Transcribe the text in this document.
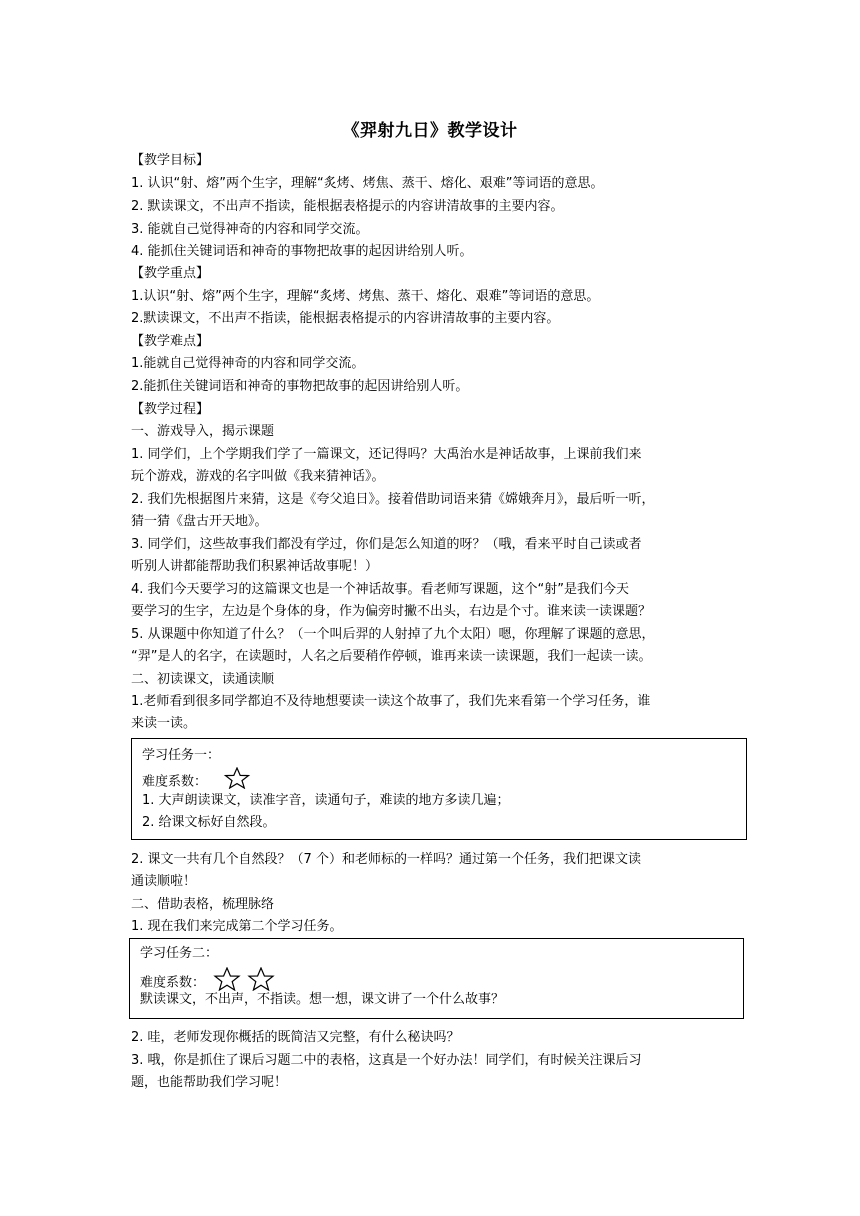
《羿射九日》教学设计
【教学目标】
1. 认识“射、熔”两个生字，理解“炙烤、烤焦、蒸干、熔化、艰难”等词语的意思。
2. 默读课文，不出声不指读，能根据表格提示的内容讲清故事的主要内容。
3. 能就自己觉得神奇的内容和同学交流。
4. 能抓住关键词语和神奇的事物把故事的起因讲给别人听。
【教学重点】
1.认识“射、熔”两个生字，理解“炙烤、烤焦、蒸干、熔化、艰难”等词语的意思。
2.默读课文，不出声不指读，能根据表格提示的内容讲清故事的主要内容。
【教学难点】
1.能就自己觉得神奇的内容和同学交流。
2.能抓住关键词语和神奇的事物把故事的起因讲给别人听。
【教学过程】
一、游戏导入，揭示课题
1. 同学们，上个学期我们学了一篇课文，还记得吗？大禹治水是神话故事，上课前我们来
玩个游戏，游戏的名字叫做《我来猜神话》。
2. 我们先根据图片来猜，这是《夸父追日》。接着借助词语来猜《嫦娥奔月》，最后听一听，
猜一猜《盘古开天地》。
3. 同学们，这些故事我们都没有学过，你们是怎么知道的呀？（哦，看来平时自己读或者
听别人讲都能帮助我们积累神话故事呢！）
4. 我们今天要学习的这篇课文也是一个神话故事。看老师写课题，这个“射”是我们今天
要学习的生字，左边是个身体的身，作为偏旁时撇不出头，右边是个寸。谁来读一读课题？
5. 从课题中你知道了什么？（一个叫后羿的人射掉了九个太阳）嗯，你理解了课题的意思，
“羿”是人的名字，在读题时，人名之后要稍作停顿，谁再来读一读课题，我们一起读一读。
二、初读课文，读通读顺
1.老师看到很多同学都迫不及待地想要读一读这个故事了，我们先来看第一个学习任务，谁
来读一读。
学习任务一：
难度系数：
1. 大声朗读课文，读准字音，读通句子，难读的地方多读几遍；
2. 给课文标好自然段。
2. 课文一共有几个自然段？（7 个）和老师标的一样吗？通过第一个任务，我们把课文读
通读顺啦！
二、借助表格，梳理脉络
1. 现在我们来完成第二个学习任务。
学习任务二：
难度系数：
默读课文，不出声，不指读。想一想，课文讲了一个什么故事？
2. 哇，老师发现你概括的既简洁又完整，有什么秘诀吗？
3. 哦，你是抓住了课后习题二中的表格，这真是一个好办法！同学们，有时候关注课后习
题，也能帮助我们学习呢！
